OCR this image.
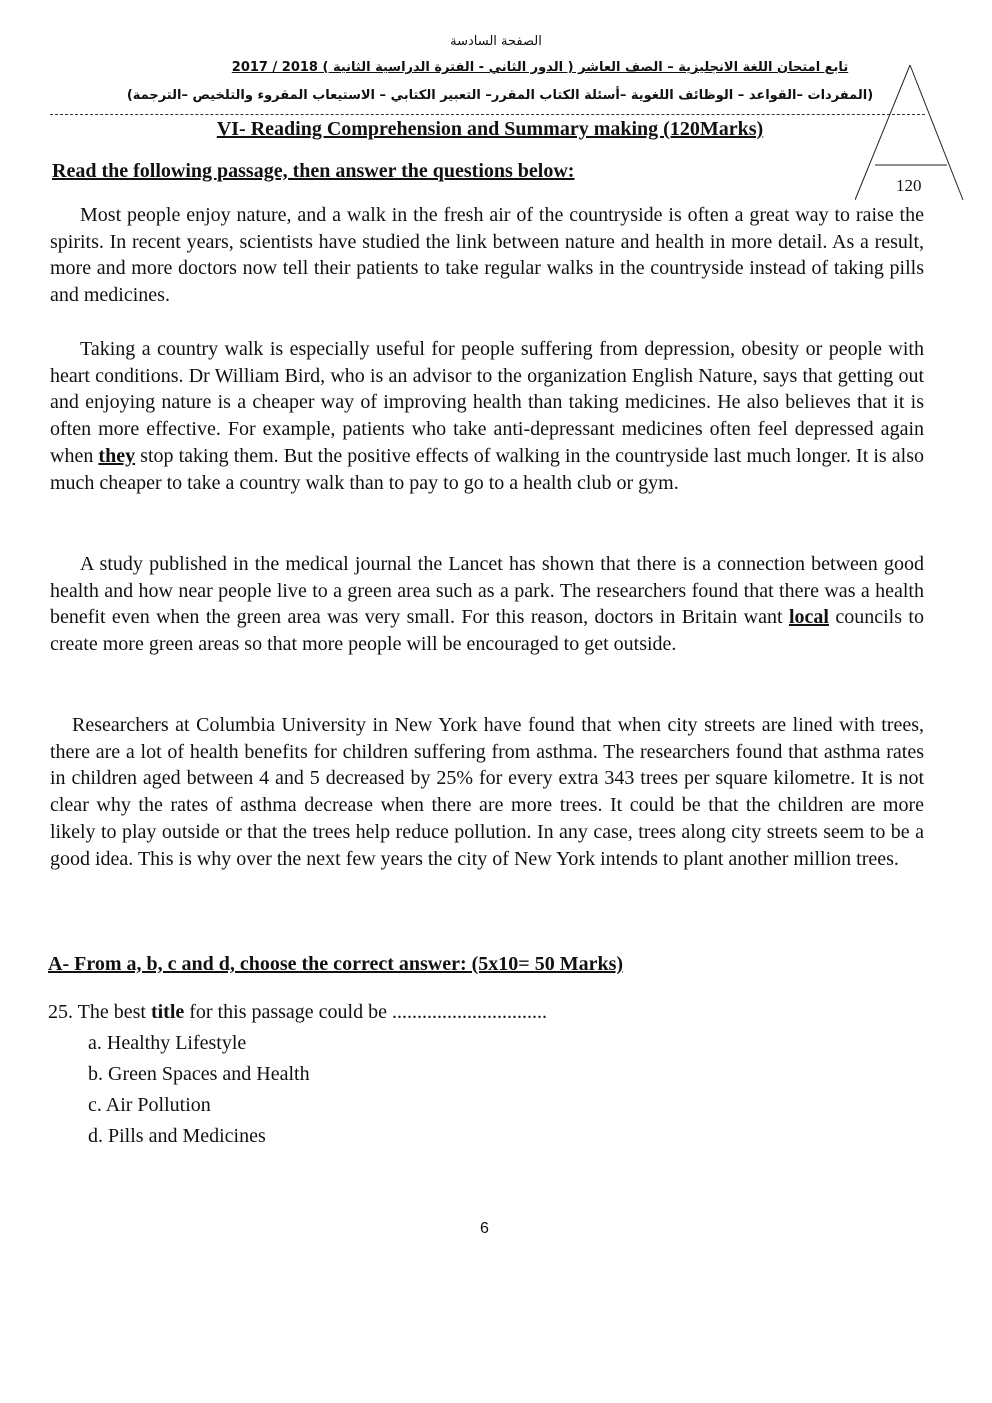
الصفحة السادسة
تابع امتحان اللغة الانجليزية – الصف العاشر ( الدور الثاني - الفترة الدراسية الثانية ) 2018 / 2017
(المفردات –القواعد – الوظائف اللغوية –أسئلة الكتاب المقرر– التعبير الكتابي – الاستيعاب المقروء والتلخيص –الترجمة)
VI- Reading Comprehension and Summary making (120Marks)
Read the following passage, then answer the questions below:
120
Most people enjoy nature, and a walk in the fresh air of the countryside is often a great way to raise the spirits. In recent years, scientists have studied the link between nature and health in more detail. As a result, more and more doctors now tell their patients to take regular walks in the countryside instead of taking pills and medicines.
Taking a country walk is especially useful for people suffering from depression, obesity or people with heart conditions. Dr William Bird, who is an advisor to the organization English Nature, says that getting out and enjoying nature is a cheaper way of improving health than taking medicines. He also believes that it is often more effective. For example, patients who take anti-depressant medicines often feel depressed again when they stop taking them. But the positive effects of walking in the countryside last much longer. It is also much cheaper to take a country walk than to pay to go to a health club or gym.
A study published in the medical journal the Lancet has shown that there is a connection between good health and how near people live to a green area such as a park. The researchers found that there was a health benefit even when the green area was very small. For this reason, doctors in Britain want local councils to create more green areas so that more people will be encouraged to get outside.
Researchers at Columbia University in New York have found that when city streets are lined with trees, there are a lot of health benefits for children suffering from asthma. The researchers found that asthma rates in children aged between 4 and 5 decreased by 25% for every extra 343 trees per square kilometre. It is not clear why the rates of asthma decrease when there are more trees. It could be that the children are more likely to play outside or that the trees help reduce pollution. In any case, trees along city streets seem to be a good idea. This is why over the next few years the city of New York intends to plant another million trees.
A- From a, b, c and d, choose the correct answer: (5x10= 50 Marks)
25. The best title for this passage could be ...............................
a. Healthy Lifestyle
b. Green Spaces and Health
c. Air Pollution
d. Pills and Medicines
6
